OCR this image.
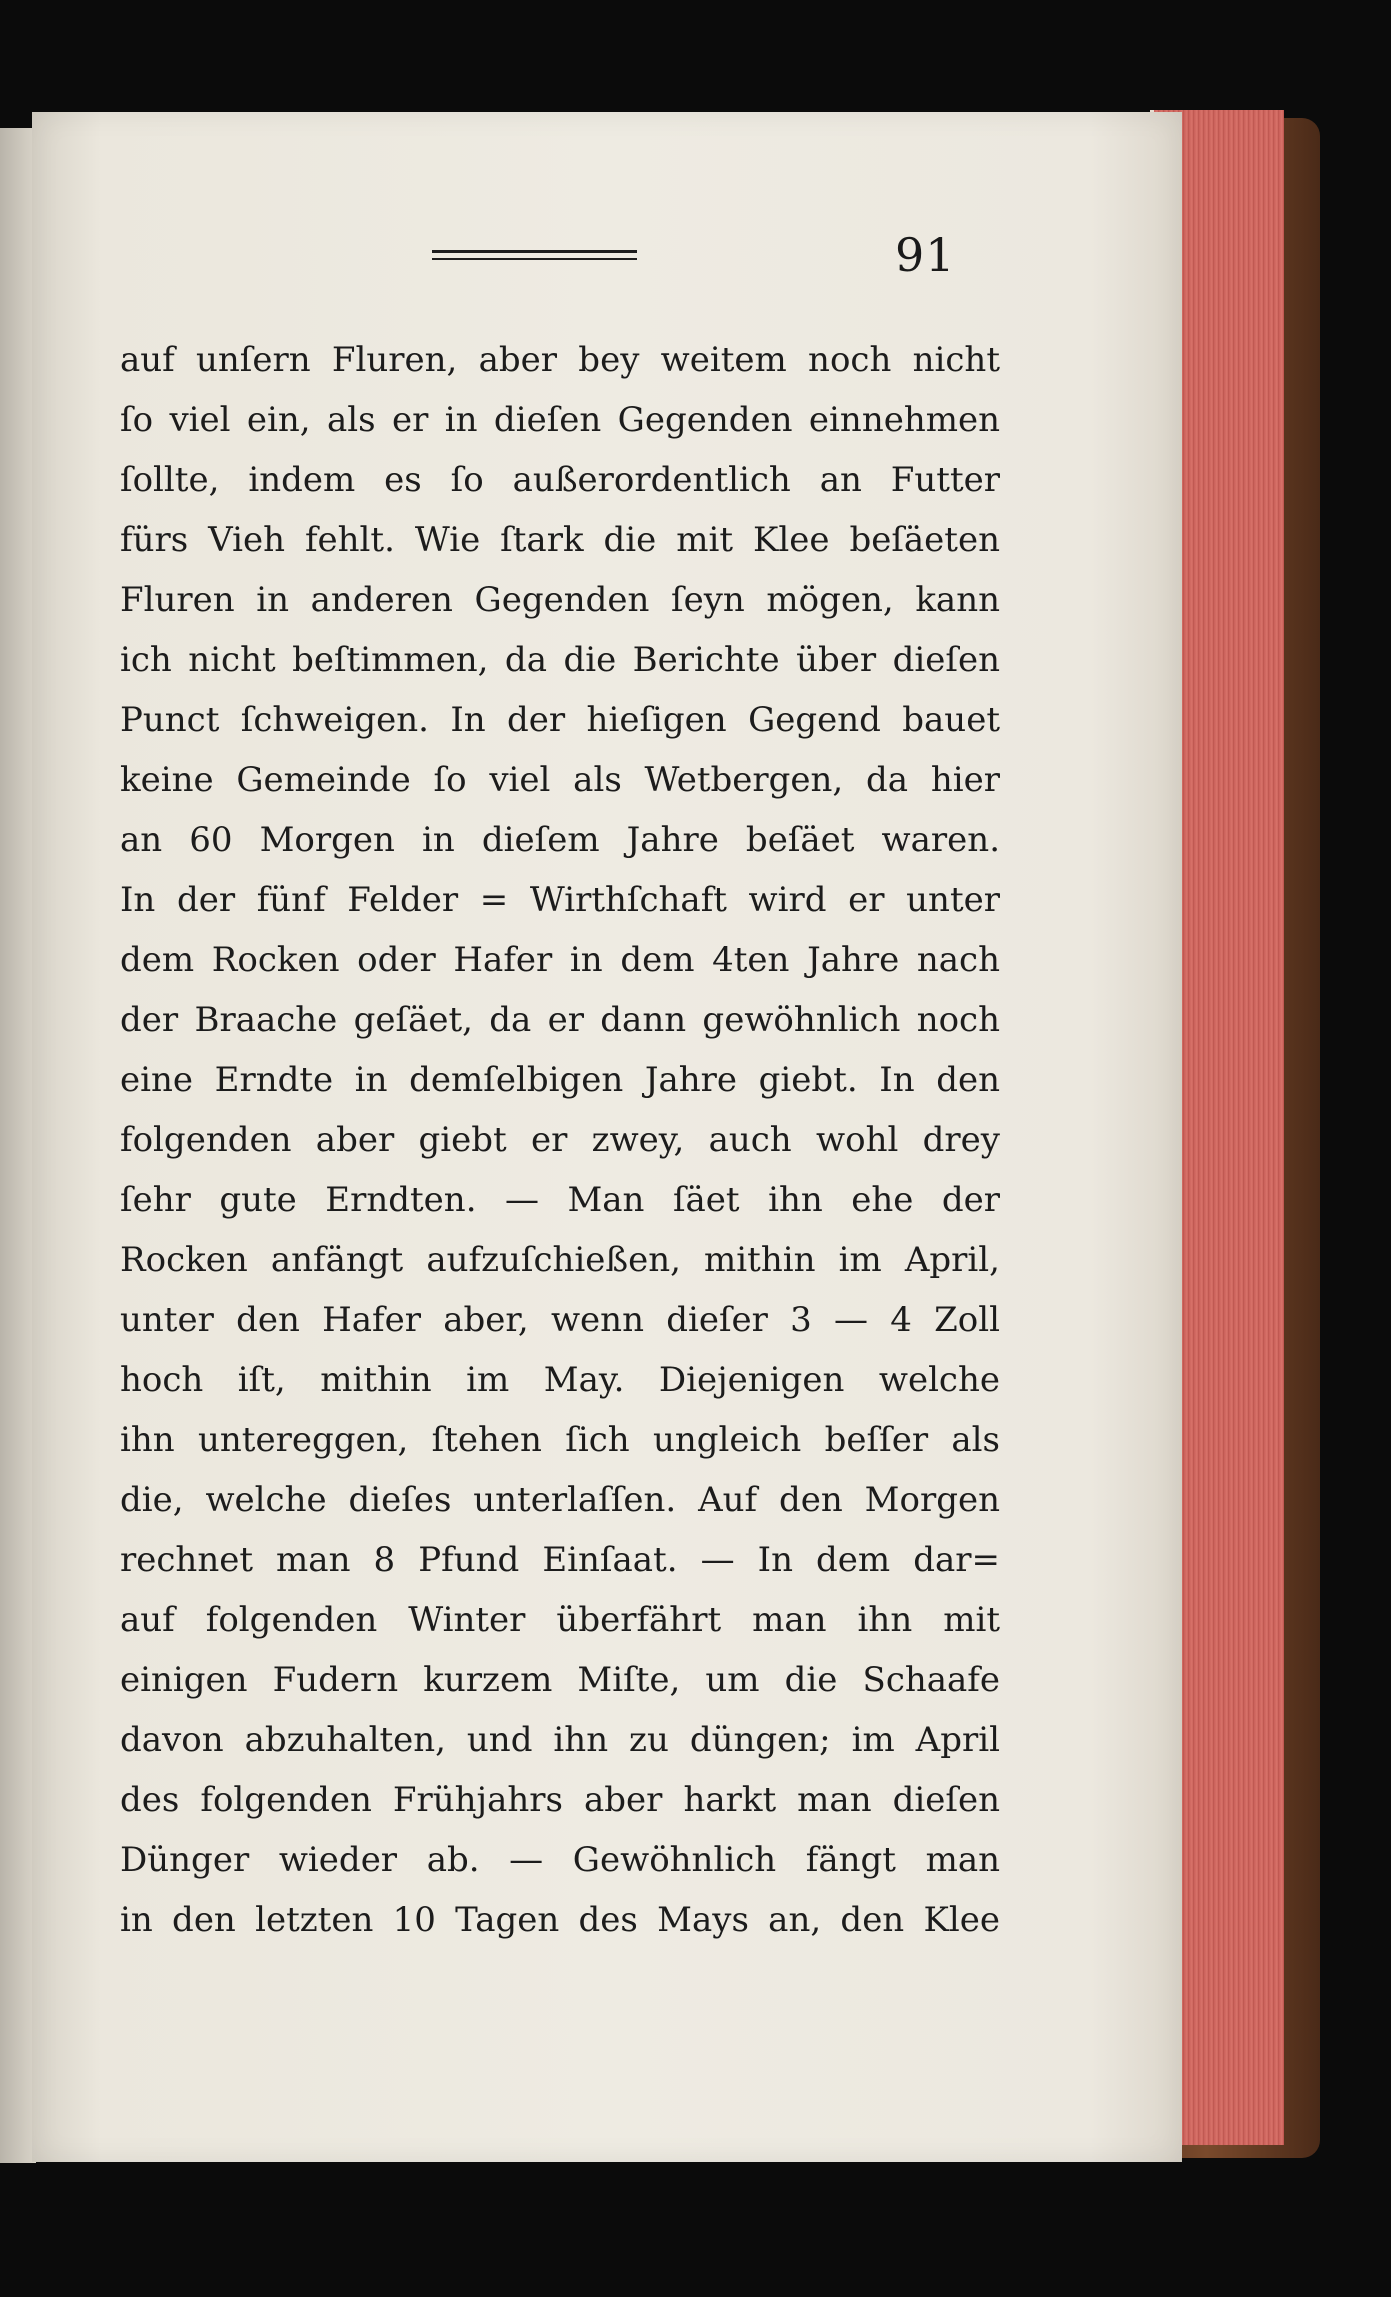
91
auf unſern Fluren, aber bey weitem noch nicht
ſo viel ein, als er in dieſen Gegenden einnehmen
ſollte, indem es ſo außerordentlich an Futter
fürs Vieh fehlt. Wie ſtark die mit Klee beſäeten
Fluren in anderen Gegenden ſeyn mögen, kann
ich nicht beſtimmen, da die Berichte über dieſen
Punct ſchweigen. In der hieſigen Gegend bauet
keine Gemeinde ſo viel als Wetbergen, da hier
an 60 Morgen in dieſem Jahre beſäet waren.
In der fünf Felder = Wirthſchaft wird er unter
dem Rocken oder Hafer in dem 4ten Jahre nach
der Braache geſäet, da er dann gewöhnlich noch
eine Erndte in demſelbigen Jahre giebt. In den
folgenden aber giebt er zwey, auch wohl drey
ſehr gute Erndten. — Man ſäet ihn ehe der
Rocken anfängt aufzuſchießen, mithin im April,
unter den Hafer aber, wenn dieſer 3 — 4 Zoll
hoch iſt, mithin im May. Diejenigen welche
ihn untereggen, ſtehen ſich ungleich beſſer als
die, welche dieſes unterlaſſen. Auf den Morgen
rechnet man 8 Pfund Einſaat. — In dem dar=
auf folgenden Winter überfährt man ihn mit
einigen Fudern kurzem Miſte, um die Schaafe
davon abzuhalten, und ihn zu düngen; im April
des folgenden Frühjahrs aber harkt man dieſen
Dünger wieder ab. — Gewöhnlich fängt man
in den letzten 10 Tagen des Mays an, den Klee
